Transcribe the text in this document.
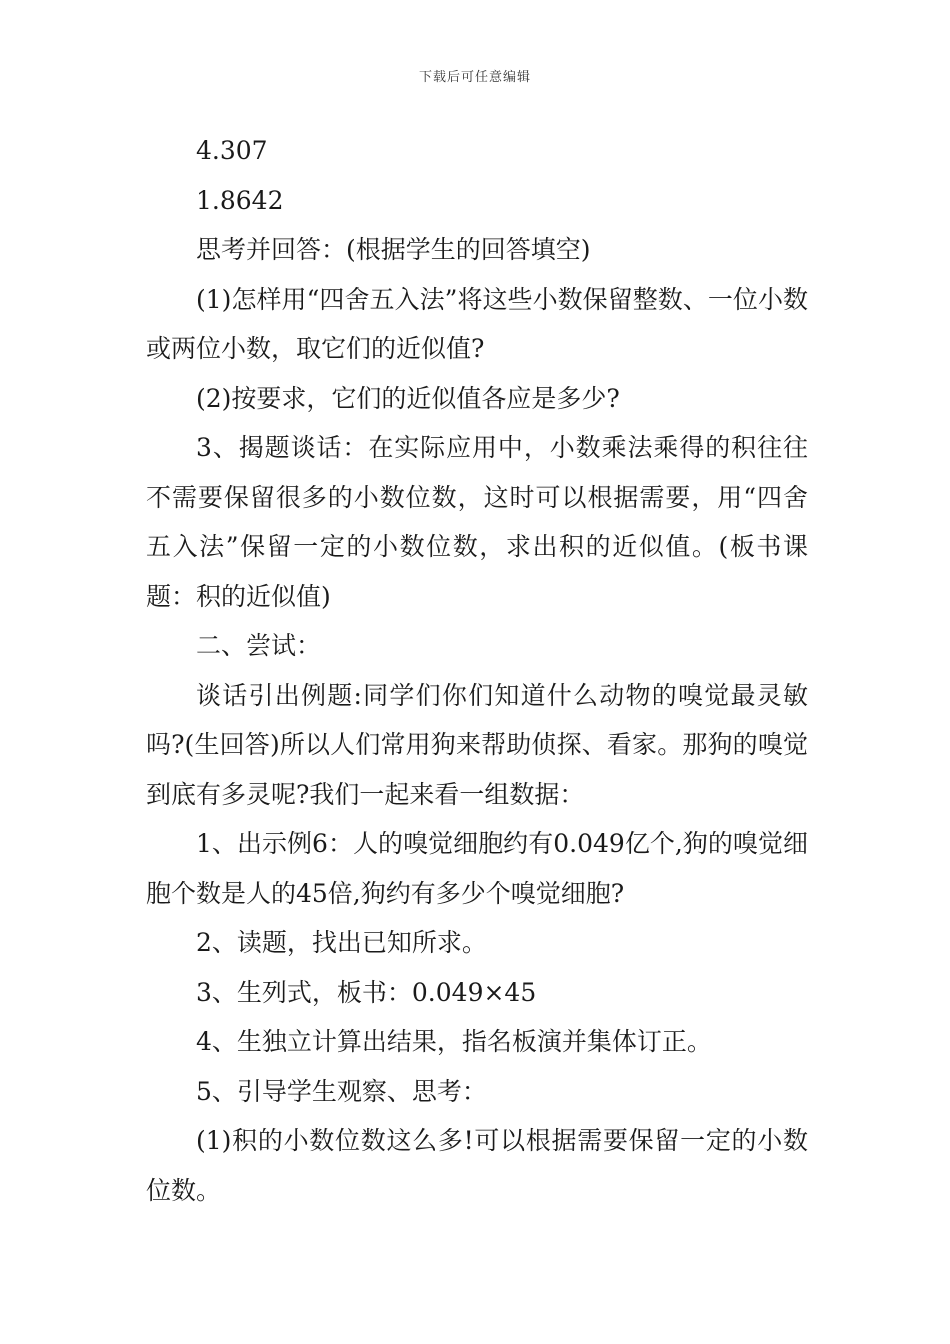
下载后可任意编辑

4.307

1.8642

思考并回答：(根据学生的回答填空)

(1)怎样用“四舍五入法”将这些小数保留整数、一位小数或两位小数，取它们的近似值?

(2)按要求，它们的近似值各应是多少?

3、揭题谈话：在实际应用中，小数乘法乘得的积往往不需要保留很多的小数位数，这时可以根据需要，用“四舍五入法”保留一定的小数位数，求出积的近似值。(板书课题：积的近似值)

二、尝试：

谈话引出例题:同学们你们知道什么动物的嗅觉最灵敏吗?(生回答)所以人们常用狗来帮助侦探、看家。那狗的嗅觉到底有多灵呢?我们一起来看一组数据：

1、出示例6：人的嗅觉细胞约有0.049亿个,狗的嗅觉细胞个数是人的45倍,狗约有多少个嗅觉细胞?

2、读题，找出已知所求。

3、生列式，板书：0.049×45

4、生独立计算出结果，指名板演并集体订正。

5、引导学生观察、思考：

(1)积的小数位数这么多!可以根据需要保留一定的小数位数。
